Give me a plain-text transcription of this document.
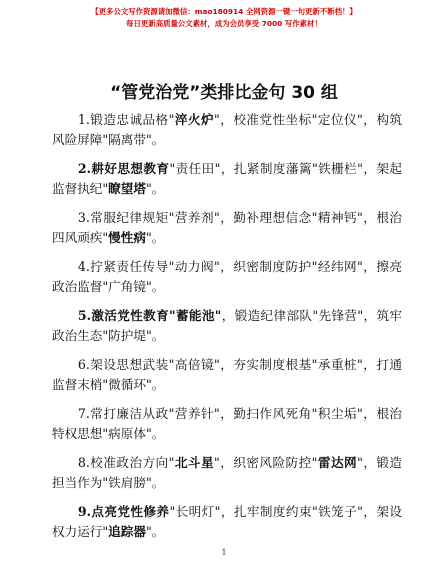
【更多公文写作资源请加微信：mao180914 全网资源一键一句更新不断档！】
每日更新高质量公文素材，成为会员享受 7000 写作素材！
“管党治党”类排比金句 30 组
1.锻造忠诚品格"淬火炉"，校准党性坐标"定位仪"，构筑风险屏障"隔离带"。
2.耕好思想教育"责任田"，扎紧制度藩篱"铁栅栏"，架起监督执纪"瞭望塔"。
3.常服纪律规矩"营养剂"，勤补理想信念"精神钙"，根治四风顽疾"慢性病"。
4.拧紧责任传导"动力阀"，织密制度防护"经纬网"，擦亮政治监督"广角镜"。
5.激活党性教育"蓄能池"，锻造纪律部队"先锋营"，筑牢政治生态"防护堤"。
6.架设思想武装"高倍镜"，夯实制度根基"承重桩"，打通监督末梢"微循环"。
7.常打廉洁从政"营养针"，勤扫作风死角"积尘垢"，根治特权思想"病原体"。
8.校准政治方向"北斗星"，织密风险防控"雷达网"，锻造担当作为"铁肩膀"。
9.点亮党性修养"长明灯"，扎牢制度约束"铁笼子"，架设权力运行"追踪器"。
1
